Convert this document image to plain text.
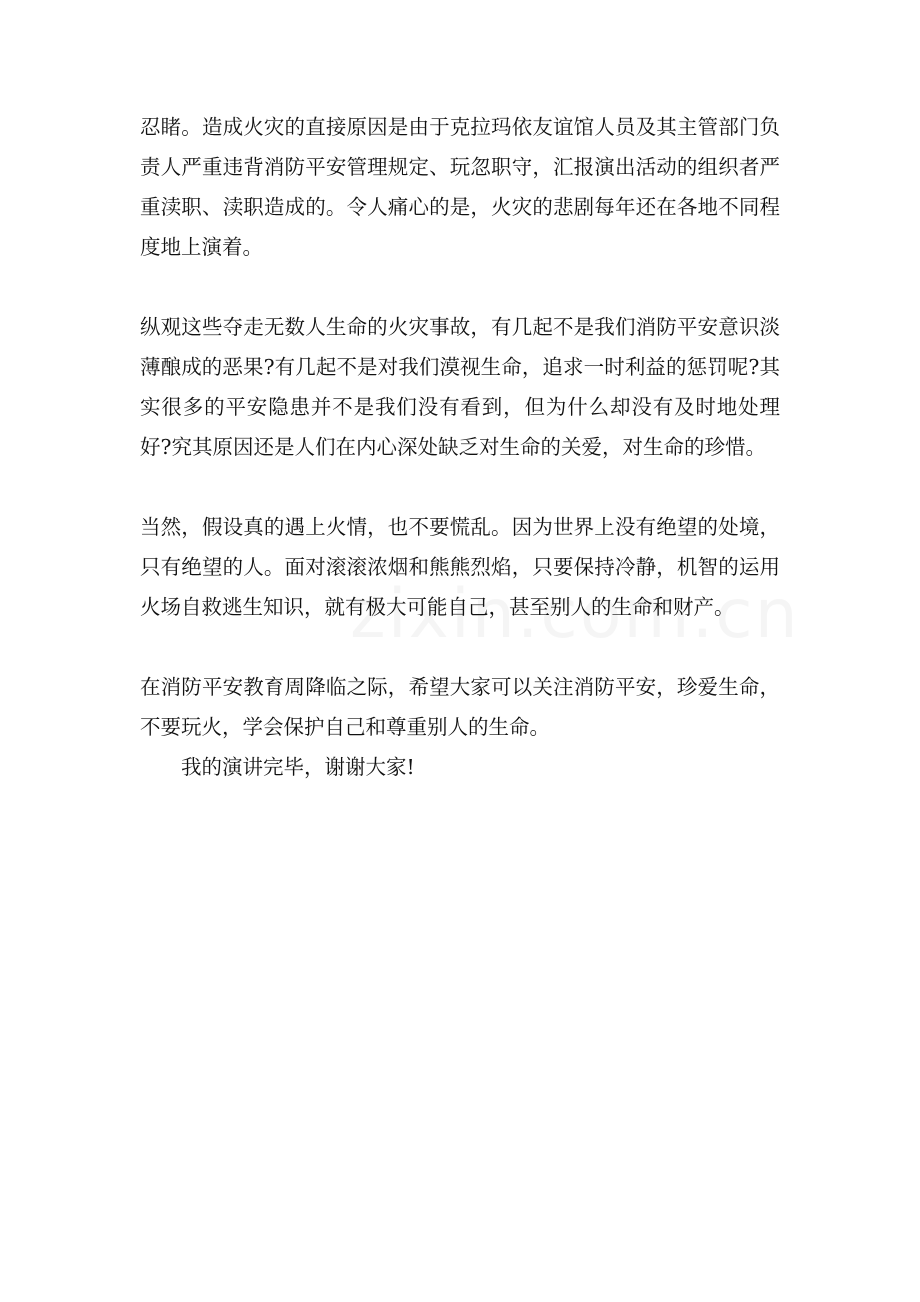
忍睹。造成火灾的直接原因是由于克拉玛依友谊馆人员及其主管部门负责人严重违背消防平安管理规定、玩忽职守，汇报演出活动的组织者严重渎职、渎职造成的。令人痛心的是，火灾的悲剧每年还在各地不同程度地上演着。

纵观这些夺走无数人生命的火灾事故，有几起不是我们消防平安意识淡薄酿成的恶果?有几起不是对我们漠视生命，追求一时利益的惩罚呢?其实很多的平安隐患并不是我们没有看到，但为什么却没有及时地处理好?究其原因还是人们在内心深处缺乏对生命的关爱，对生命的珍惜。

当然，假设真的遇上火情，也不要慌乱。因为世界上没有绝望的处境，只有绝望的人。面对滚滚浓烟和熊熊烈焰，只要保持冷静，机智的运用火场自救逃生知识，就有极大可能自己，甚至别人的生命和财产。

在消防平安教育周降临之际，希望大家可以关注消防平安，珍爱生命，不要玩火，学会保护自己和尊重别人的生命。

我的演讲完毕，谢谢大家!
